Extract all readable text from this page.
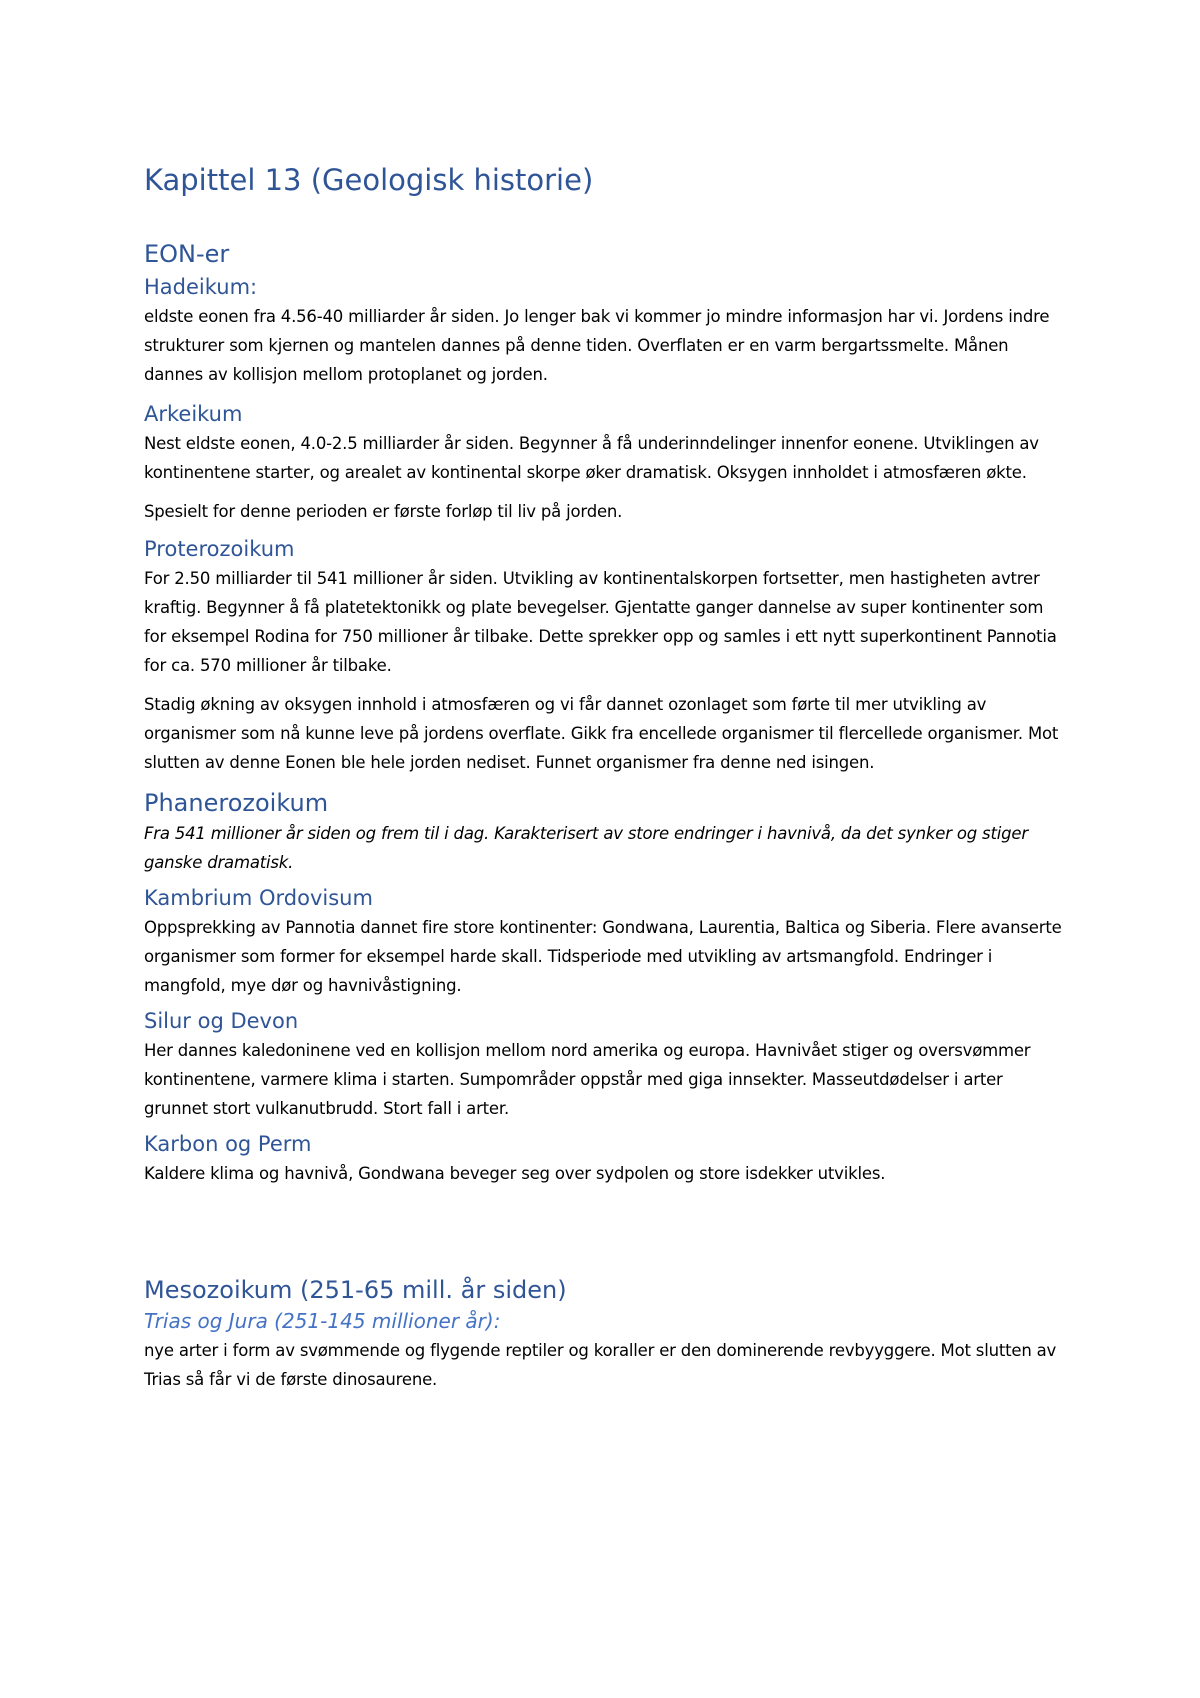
Kapittel 13 (Geologisk historie)
EON-er
Hadeikum:

eldste eonen fra 4.56-40 milliarder år siden. Jo lenger bak vi kommer jo mindre informasjon har vi. Jordens indre strukturer som kjernen og mantelen dannes på denne tiden. Overflaten er en varm bergartssmelte. Månen dannes av kollisjon mellom protoplanet og jorden.

Arkeikum

Nest eldste eonen, 4.0-2.5 milliarder år siden. Begynner å få underinndelinger innenfor eonene. Utviklingen av kontinentene starter, og arealet av kontinental skorpe øker dramatisk. Oksygen innholdet i atmosfæren økte.

Spesielt for denne perioden er første forløp til liv på jorden.

Proterozoikum

For 2.50 milliarder til 541 millioner år siden. Utvikling av kontinentalskorpen fortsetter, men hastigheten avtrer kraftig. Begynner å få platetektonikk og plate bevegelser. Gjentatte ganger dannelse av super kontinenter som for eksempel Rodina for 750 millioner år tilbake. Dette sprekker opp og samles i ett nytt superkontinent Pannotia for ca. 570 millioner år tilbake.

Stadig økning av oksygen innhold i atmosfæren og vi får dannet ozonlaget som førte til mer utvikling av organismer som nå kunne leve på jordens overflate. Gikk fra encellede organismer til flercellede organismer. Mot slutten av denne Eonen ble hele jorden nediset. Funnet organismer fra denne ned isingen.

Phanerozoikum

Fra 541 millioner år siden og frem til i dag. Karakterisert av store endringer i havnivå, da det synker og stiger ganske dramatisk.

Kambrium Ordovisum

Oppsprekking av Pannotia dannet fire store kontinenter: Gondwana, Laurentia, Baltica og Siberia. Flere avanserte organismer som former for eksempel harde skall. Tidsperiode med utvikling av artsmangfold. Endringer i mangfold, mye dør og havnivåstigning.

Silur og Devon

Her dannes kaledoninene ved en kollisjon mellom nord amerika og europa. Havnivået stiger og oversvømmer kontinentene, varmere klima i starten. Sumpområder oppstår med giga innsekter. Masseutdødelser i arter grunnet stort vulkanutbrudd. Stort fall i arter.

Karbon og Perm

Kaldere klima og havnivå, Gondwana beveger seg over sydpolen og store isdekker utvikles.

Mesozoikum (251-65 mill. år siden)
Trias og Jura (251-145 millioner år):

nye arter i form av svømmende og flygende reptiler og koraller er den dominerende revbyyggere. Mot slutten av Trias så får vi de første dinosaurene.
